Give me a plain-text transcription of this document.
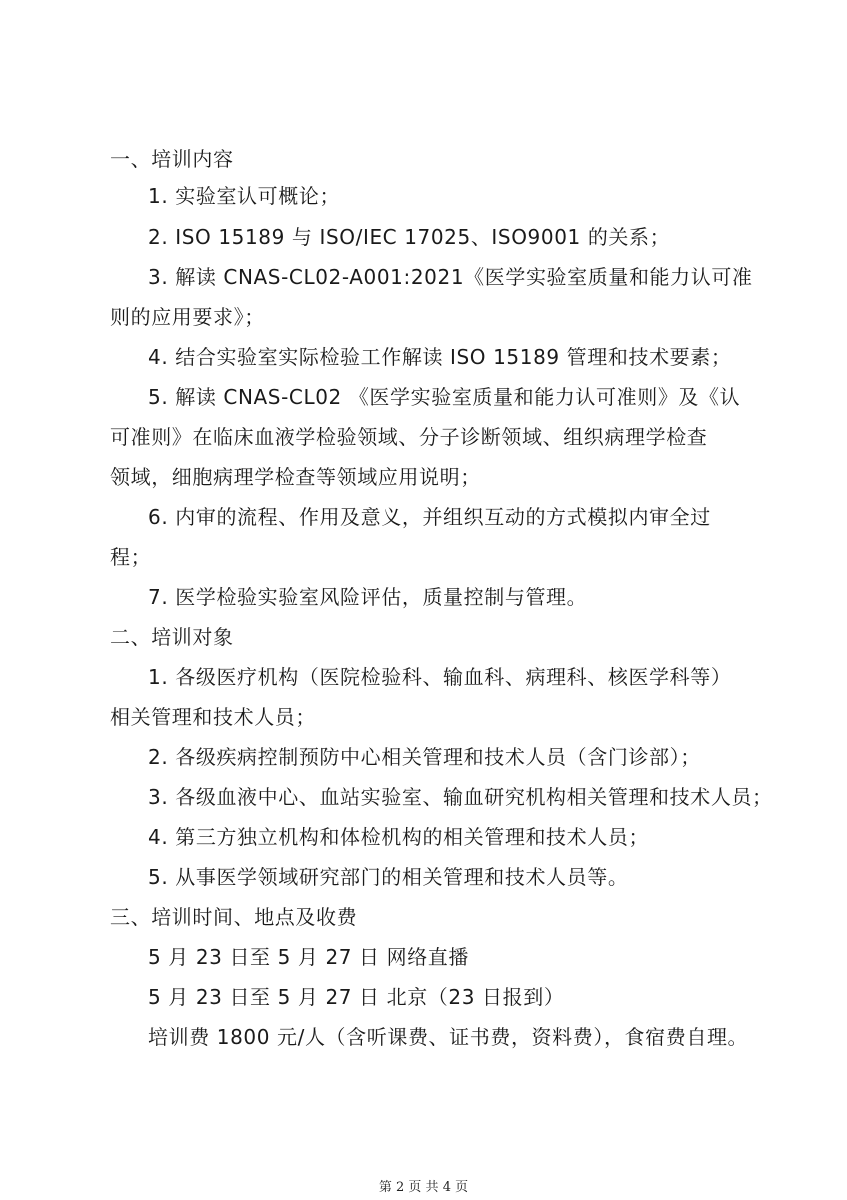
一、培训内容
1. 实验室认可概论；
2. ISO 15189 与 ISO/IEC 17025、ISO9001 的关系；
3. 解读 CNAS-CL02-A001:2021《医学实验室质量和能力认可准
则的应用要求》；
4. 结合实验室实际检验工作解读 ISO 15189 管理和技术要素；
5. 解读 CNAS-CL02 《医学实验室质量和能力认可准则》及《认
可准则》在临床血液学检验领域、分子诊断领域、组织病理学检查
领域，细胞病理学检查等领域应用说明；
6. 内审的流程、作用及意义，并组织互动的方式模拟内审全过
程；
7. 医学检验实验室风险评估，质量控制与管理。
二、培训对象
1. 各级医疗机构（医院检验科、输血科、病理科、核医学科等）
相关管理和技术人员；
2. 各级疾病控制预防中心相关管理和技术人员（含门诊部）；
3. 各级血液中心、血站实验室、输血研究机构相关管理和技术人员；
4. 第三方独立机构和体检机构的相关管理和技术人员；
5. 从事医学领域研究部门的相关管理和技术人员等。
三、培训时间、地点及收费
5 月 23 日至 5 月 27 日 网络直播
5 月 23 日至 5 月 27 日 北京（23 日报到）
培训费 1800 元/人（含听课费、证书费，资料费），食宿费自理。
第 2 页 共 4 页
